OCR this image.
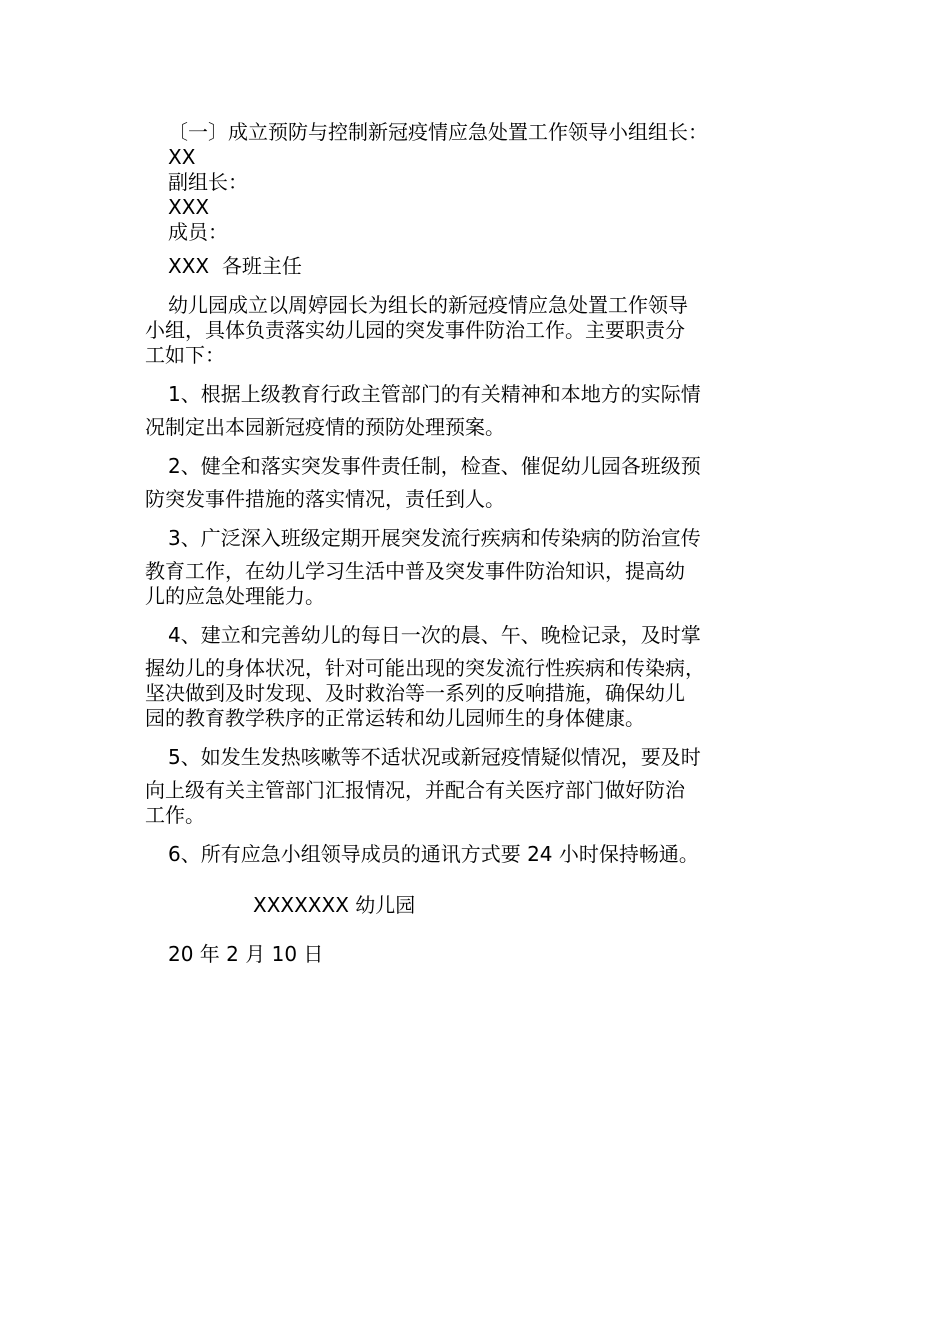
〔一〕成立预防与控制新冠疫情应急处置工作领导小组组长：

XX

副组长：

XXX

成员：

XXX  各班主任

幼儿园成立以周婷园长为组长的新冠疫情应急处置工作领导

小组，具体负责落实幼儿园的突发事件防治工作。主要职责分

工如下：

1、根据上级教育行政主管部门的有关精神和本地方的实际情

况制定出本园新冠疫情的预防处理预案。

2、健全和落实突发事件责任制，检查、催促幼儿园各班级预

防突发事件措施的落实情况，责任到人。

3、广泛深入班级定期开展突发流行疾病和传染病的防治宣传

教育工作，在幼儿学习生活中普及突发事件防治知识，提高幼

儿的应急处理能力。

4、建立和完善幼儿的每日一次的晨、午、晚检记录，及时掌

握幼儿的身体状况，针对可能出现的突发流行性疾病和传染病，

坚决做到及时发现、及时救治等一系列的反响措施，确保幼儿

园的教育教学秩序的正常运转和幼儿园师生的身体健康。

5、如发生发热咳嗽等不适状况或新冠疫情疑似情况，要及时

向上级有关主管部门汇报情况，并配合有关医疗部门做好防治

工作。

6、所有应急小组领导成员的通讯方式要 24 小时保持畅通。

XXXXXXX 幼儿园

20 年 2 月 10 日
